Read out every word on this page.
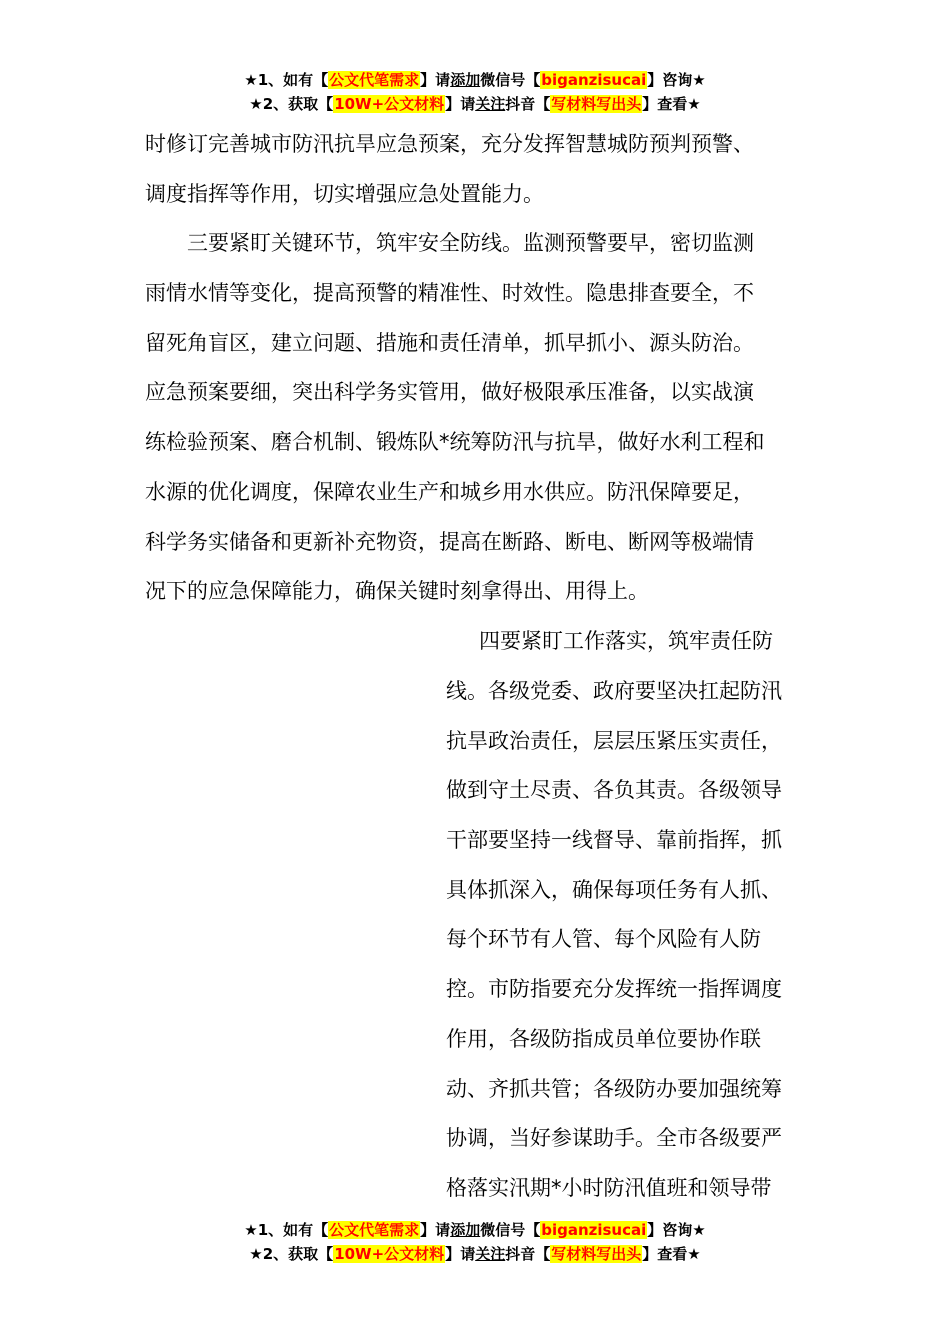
★1、如有【公文代笔需求】请添加微信号【biganzisucai】咨询★
★2、获取【10W+公文材料】请关注抖音【写材料写出头】查看★
时修订完善城市防汛抗旱应急预案，充分发挥智慧城防预判预警、
调度指挥等作用，切实增强应急处置能力。
　　三要紧盯关键环节，筑牢安全防线。监测预警要早，密切监测
雨情水情等变化，提高预警的精准性、时效性。隐患排查要全，不
留死角盲区，建立问题、措施和责任清单，抓早抓小、源头防治。
应急预案要细，突出科学务实管用，做好极限承压准备，以实战演
练检验预案、磨合机制、锻炼队*统筹防汛与抗旱，做好水利工程和
水源的优化调度，保障农业生产和城乡用水供应。防汛保障要足，
科学务实储备和更新补充物资，提高在断路、断电、断网等极端情
况下的应急保障能力，确保关键时刻拿得出、用得上。
四要紧盯工作落实，筑牢责任防
线。各级党委、政府要坚决扛起防汛
抗旱政治责任，层层压紧压实责任，
做到守土尽责、各负其责。各级领导
干部要坚持一线督导、靠前指挥，抓
具体抓深入，确保每项任务有人抓、
每个环节有人管、每个风险有人防
控。市防指要充分发挥统一指挥调度
作用，各级防指成员单位要协作联
动、齐抓共管；各级防办要加强统筹
协调，当好参谋助手。全市各级要严
格落实汛期*小时防汛值班和领导带
★1、如有【公文代笔需求】请添加微信号【biganzisucai】咨询★
★2、获取【10W+公文材料】请关注抖音【写材料写出头】查看★
